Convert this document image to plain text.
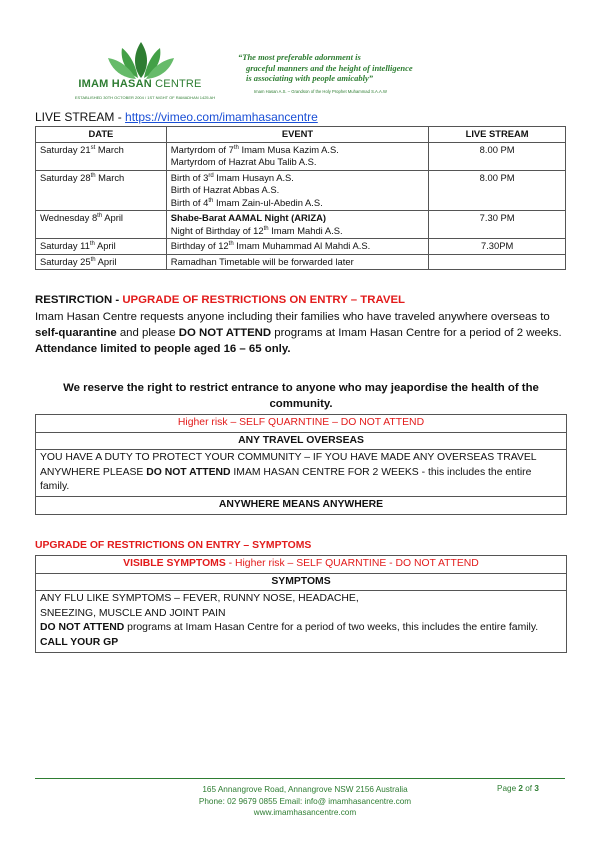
IMAM HASAN CENTRE
ESTABLISHED 30TH OCTOBER 2004 / 1ST NIGHT OF RAMADHAN 1425 AH
“The most preferable adornment is
graceful manners and the height of intelligence
is associating with people amicably”
Imam Hasan A.S. – Grandson of the Holy Prophet Muhammad S.A.A.W
LIVE STREAM - https://vimeo.com/imamhasancentre
DATE	EVENT	LIVE STREAM
Saturday 21st March	Martyrdom of 7th Imam Musa Kazim A.S.
Martyrdom of Hazrat Abu Talib A.S.	8.00 PM
Saturday 28th March	Birth of 3rd Imam Husayn A.S.
Birth of Hazrat Abbas A.S.
Birth of 4th Imam Zain-ul-Abedin A.S.	8.00 PM
Wednesday 8th April	Shabe-Barat AAMAL Night (ARIZA)
Night of Birthday of 12th Imam Mahdi A.S.	7.30 PM
Saturday 11th April	Birthday of 12th Imam Muhammad Al Mahdi A.S.	7.30PM
Saturday 25th April	Ramadhan Timetable will be forwarded later	

RESTIRCTION - UPGRADE OF RESTRICTIONS ON ENTRY – TRAVEL
Imam Hasan Centre requests anyone including their families who have traveled anywhere overseas to self-quarantine and please DO NOT ATTEND programs at Imam Hasan Centre for a period of 2 weeks. Attendance limited to people aged 16 – 65 only.
We reserve the right to restrict entrance to anyone who may jeapordise the health of the community.
Higher risk – SELF QUARNTINE – DO NOT ATTEND
ANY TRAVEL OVERSEAS
YOU HAVE A DUTY TO PROTECT YOUR COMMUNITY – IF YOU HAVE MADE ANY OVERSEAS TRAVEL ANYWHERE PLEASE DO NOT ATTEND IMAM HASAN CENTRE FOR 2 WEEKS - this includes the entire family.
ANYWHERE MEANS ANYWHERE
UPGRADE OF RESTRICTIONS ON ENTRY – SYMPTOMS
VISIBLE SYMPTOMS - Higher risk – SELF QUARNTINE - DO NOT ATTEND
SYMPTOMS
ANY FLU LIKE SYMPTOMS – FEVER, RUNNY NOSE, HEADACHE,
SNEEZING, MUSCLE AND JOINT PAIN
DO NOT ATTEND programs at Imam Hasan Centre for a period of two weeks, this includes the entire family. CALL YOUR GP
165 Annangrove Road, Annangrove NSW 2156 Australia
Phone: 02 9679 0855 Email: info@ imamhasancentre.com
www.imamhasancentre.com
Page 2 of 3
